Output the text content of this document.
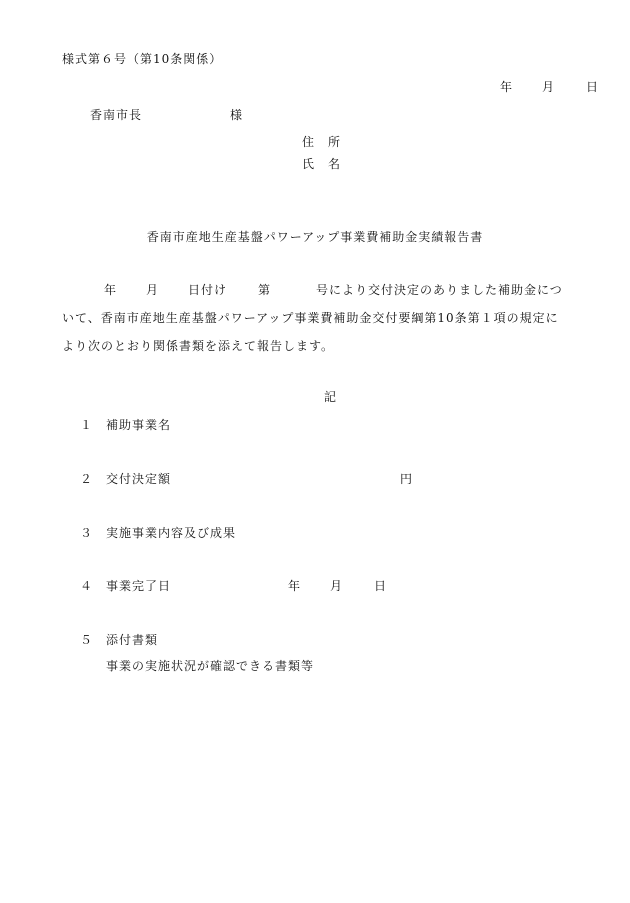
様式第６号（第10条関係）
年 月	日
香南市長	様
住　所
氏　名
香南市産地生産基盤パワーアップ事業費補助金実績報告書
年 月 日付け	第	号により交付決定のありました補助金について、香南市産地生産基盤パワーアップ事業費補助金交付要綱第10条第１項の規定により次のとおり関係書類を添えて報告します。

記
１ 補助事業名
２ 交付決定額	円
３ 実施事業内容及び成果
４ 事業完了日	年 月	日
５ 添付書類
事業の実施状況が確認できる書類等
